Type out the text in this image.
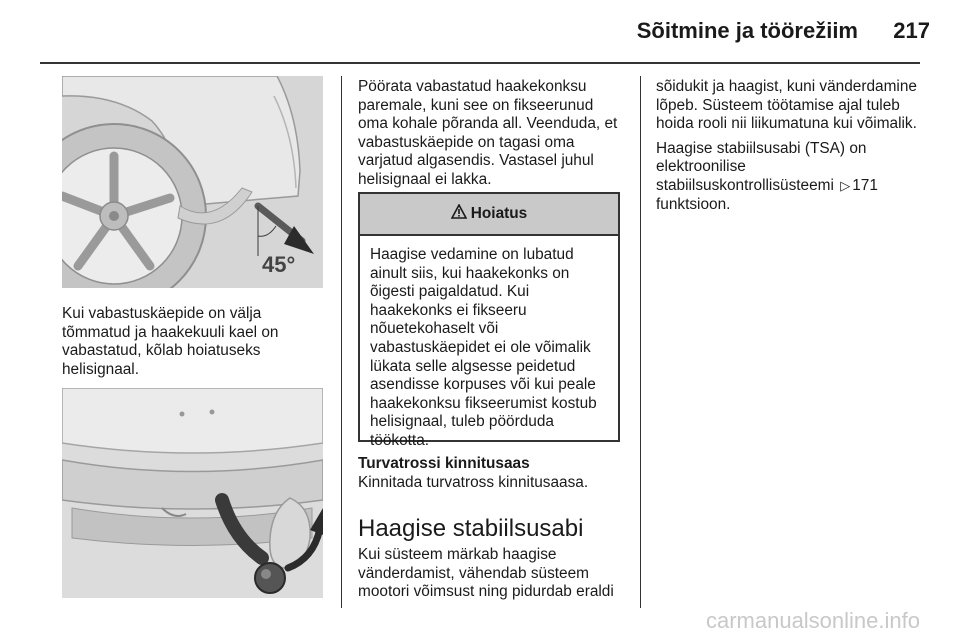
Sõitmine ja töörežiim	217
45°

Kui vabastuskäepide on välja tõmmatud ja haakekuuli kael on vabastatud, kõlab hoiatuseks helisignaal.

Pöörata vabastatud haakekonksu paremale, kuni see on fikseerunud oma kohale põranda all. Veenduda, et vabastuskäepide on tagasi oma varjatud algasendis. Vastasel juhul helisignaal ei lakka.

Hoiatus
Haagise vedamine on lubatud ainult siis, kui haakekonks on õigesti paigaldatud. Kui haakekonks ei fikseeru nõuetekohaselt või vabastuskäepidet ei ole võimalik lükata selle algsesse peidetud asendisse korpuses või kui peale haakekonksu fikseerumist kostub helisignaal, tuleb pöörduda töökotta.

Turvatrossi kinnitusaas

Kinnitada turvatross kinnitusaasa.

Haagise stabiilsusabi

Kui süsteem märkab haagise vänderdamist, vähendab süsteem mootori võimsust ning pidurdab eraldi

sõidukit ja haagist, kuni vänderdamine lõpeb. Süsteem töötamise ajal tuleb hoida rooli nii liikumatuna kui võimalik.

Haagise stabiilsusabi (TSA) on elektroonilise stabiilsuskontrollisüsteemi ▷ 171 funktsioon.

carmanualsonline.info
